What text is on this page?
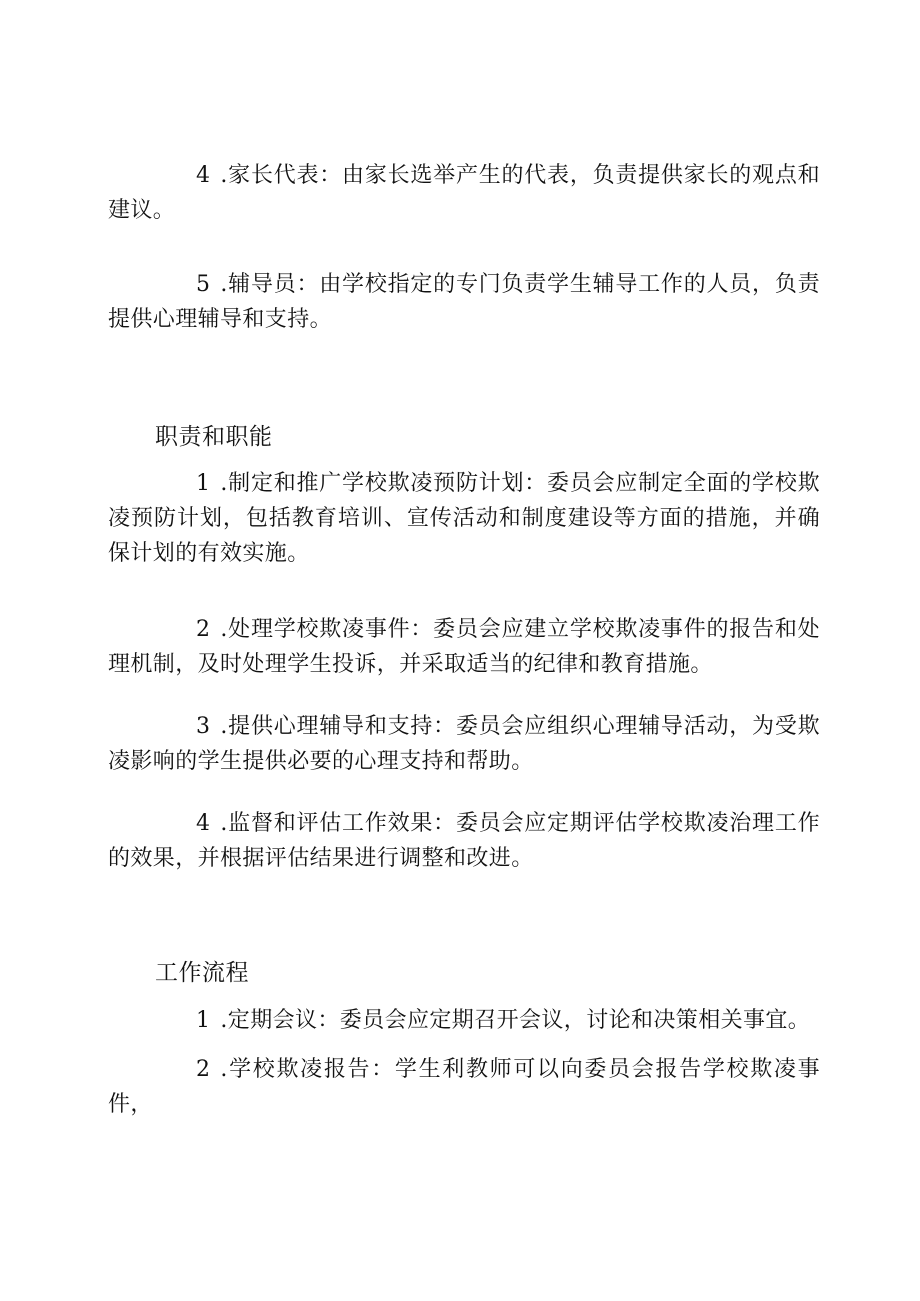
4 .家长代表：由家长选举产生的代表，负责提供家长的观点和建议。

5 .辅导员：由学校指定的专门负责学生辅导工作的人员，负责提供心理辅导和支持。

职责和职能

1 .制定和推广学校欺凌预防计划：委员会应制定全面的学校欺凌预防计划，包括教育培训、宣传活动和制度建设等方面的措施，并确保计划的有效实施。

2 .处理学校欺凌事件：委员会应建立学校欺凌事件的报告和处理机制，及时处理学生投诉，并采取适当的纪律和教育措施。

3 .提供心理辅导和支持：委员会应组织心理辅导活动，为受欺凌影响的学生提供必要的心理支持和帮助。

4 .监督和评估工作效果：委员会应定期评估学校欺凌治理工作的效果，并根据评估结果进行调整和改进。

工作流程

1 .定期会议：委员会应定期召开会议，讨论和决策相关事宜。

2 .学校欺凌报告：学生利教师可以向委员会报告学校欺凌事件，
